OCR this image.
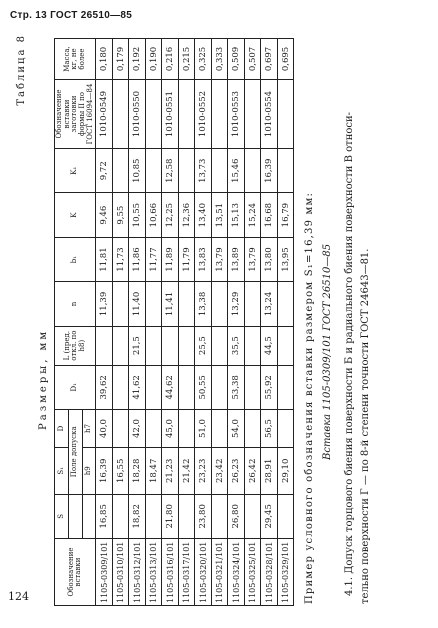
Стр. 13 ГОСТ 26510—85
124
Таблица 8
Размеры, мм
Обозначение вставки	S	S₁	D	D₁	L (пред. откл. по h8)	n	b₁	K	K₁	Обозначение вставки заготовки формы II по ГОСТ 16094—84	Масса, кг, не более
		Поле допуска									
		h9	h7								
1105-0309/101	16,85	16,39	40,0	39,62		11,39	11,81	9,46	9,72	1010-0549	0,180
1105-0310/101		16,55					11,73	9,55			0,179
1105-0312/101	18,82	18,28	42,0	41,62	21,5	11,40	11,86	10,55	10,85	1010-0550	0,192
1105-0313/101		18,47					11,77	10,66			0,190
1105-0316/101	21,80	21,23	45,0	44,62		11,41	11,89	12,25	12,58	1010-0551	0,216
1105-0317/101		21,42					11,79	12,36			0,215
1105-0320/101	23,80	23,23	51,0	50,55	25,5	13,38	13,83	13,40	13,73	1010-0552	0,325
1105-0321/101		23,42					13,79	13,51			0,333
1105-0324/101	26,80	26,23	54,0	53,38	35,5	13,29	13,89	15,13	15,46	1010-0553	0,509
1105-0325/101		26,42					13,79	15,24			0,507
1105-0328/101	29,45	28,91	56,5	55,92	44,5	13,24	13,80	16,68	16,39	1010-0554	0,697
1105-0329/101		29,10					13,95	16,79			0,695
Пример условного обозначения вставки размером S₁=16,39 мм: Вставка 1105-0309/101 ГОСТ 26510—85 4.1. Допуск торцового биения поверхности Б и радиального биения поверхности В относи- тельно поверхности Г — по 8-й степени точности ГОСТ 24643—81.
